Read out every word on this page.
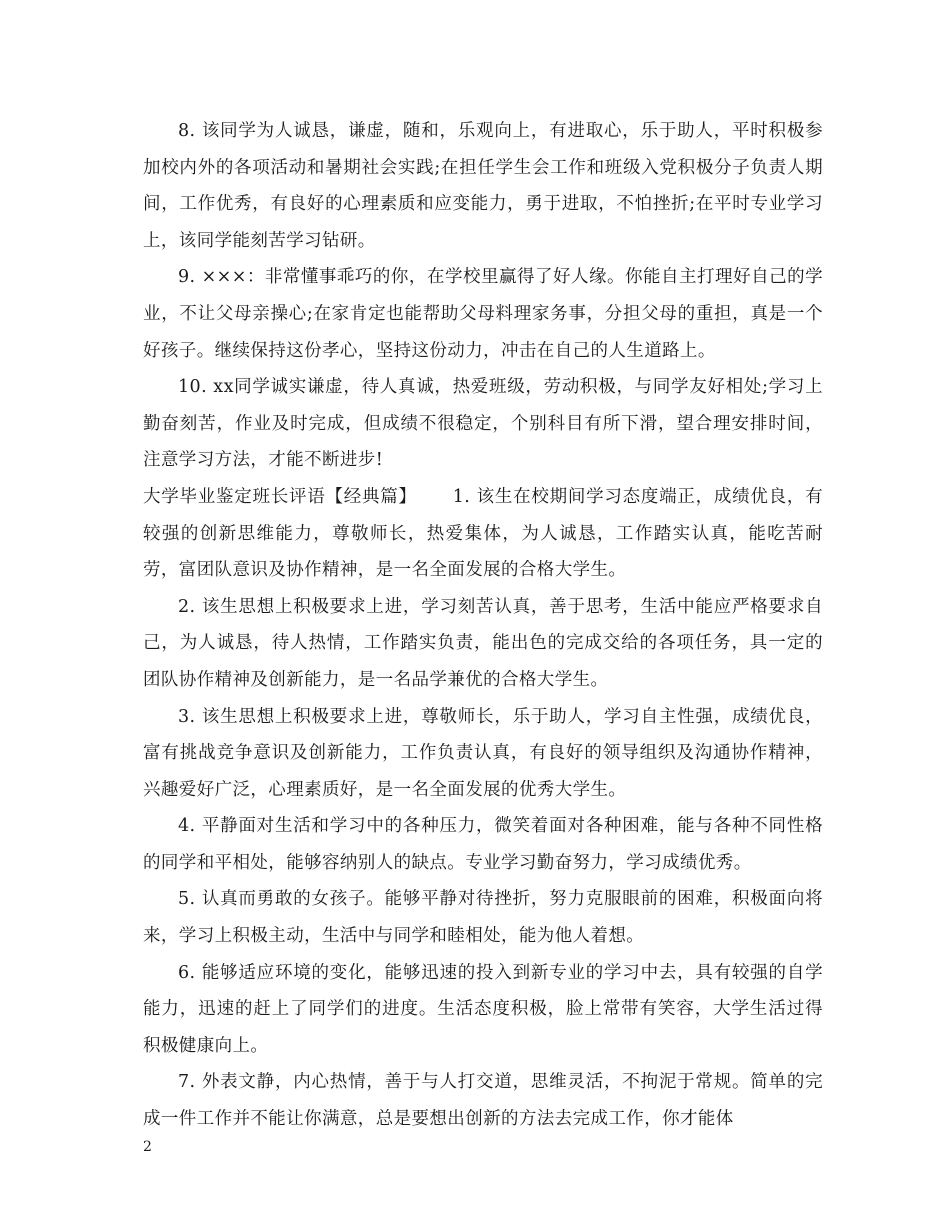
8. 该同学为人诚恳，谦虚，随和，乐观向上，有进取心，乐于助人，平时积极参加校内外的各项活动和暑期社会实践;在担任学生会工作和班级入党积极分子负责人期间，工作优秀，有良好的心理素质和应变能力，勇于进取，不怕挫折;在平时专业学习上，该同学能刻苦学习钻研。

9. ×××：非常懂事乖巧的你，在学校里赢得了好人缘。你能自主打理好自己的学业，不让父母亲操心;在家肯定也能帮助父母料理家务事，分担父母的重担，真是一个好孩子。继续保持这份孝心，坚持这份动力，冲击在自己的人生道路上。

10. xx同学诚实谦虚，待人真诚，热爱班级，劳动积极，与同学友好相处;学习上勤奋刻苦，作业及时完成，但成绩不很稳定，个别科目有所下滑，望合理安排时间，注意学习方法，才能不断进步!

大学毕业鉴定班长评语【经典篇】 1. 该生在校期间学习态度端正，成绩优良，有较强的创新思维能力，尊敬师长，热爱集体，为人诚恳，工作踏实认真，能吃苦耐劳，富团队意识及协作精神，是一名全面发展的合格大学生。

2. 该生思想上积极要求上进，学习刻苦认真，善于思考，生活中能应严格要求自己，为人诚恳，待人热情，工作踏实负责，能出色的完成交给的各项任务，具一定的团队协作精神及创新能力，是一名品学兼优的合格大学生。

3. 该生思想上积极要求上进，尊敬师长，乐于助人，学习自主性强，成绩优良，富有挑战竞争意识及创新能力，工作负责认真，有良好的领导组织及沟通协作精神，兴趣爱好广泛，心理素质好，是一名全面发展的优秀大学生。

4. 平静面对生活和学习中的各种压力，微笑着面对各种困难，能与各种不同性格的同学和平相处，能够容纳别人的缺点。专业学习勤奋努力，学习成绩优秀。

5. 认真而勇敢的女孩子。能够平静对待挫折，努力克服眼前的困难，积极面向将来，学习上积极主动，生活中与同学和睦相处，能为他人着想。

6. 能够适应环境的变化，能够迅速的投入到新专业的学习中去，具有较强的自学能力，迅速的赶上了同学们的进度。生活态度积极，脸上常带有笑容，大学生活过得积极健康向上。

7. 外表文静，内心热情，善于与人打交道，思维灵活，不拘泥于常规。简单的完成一件工作并不能让你满意，总是要想出创新的方法去完成工作，你才能体

2
